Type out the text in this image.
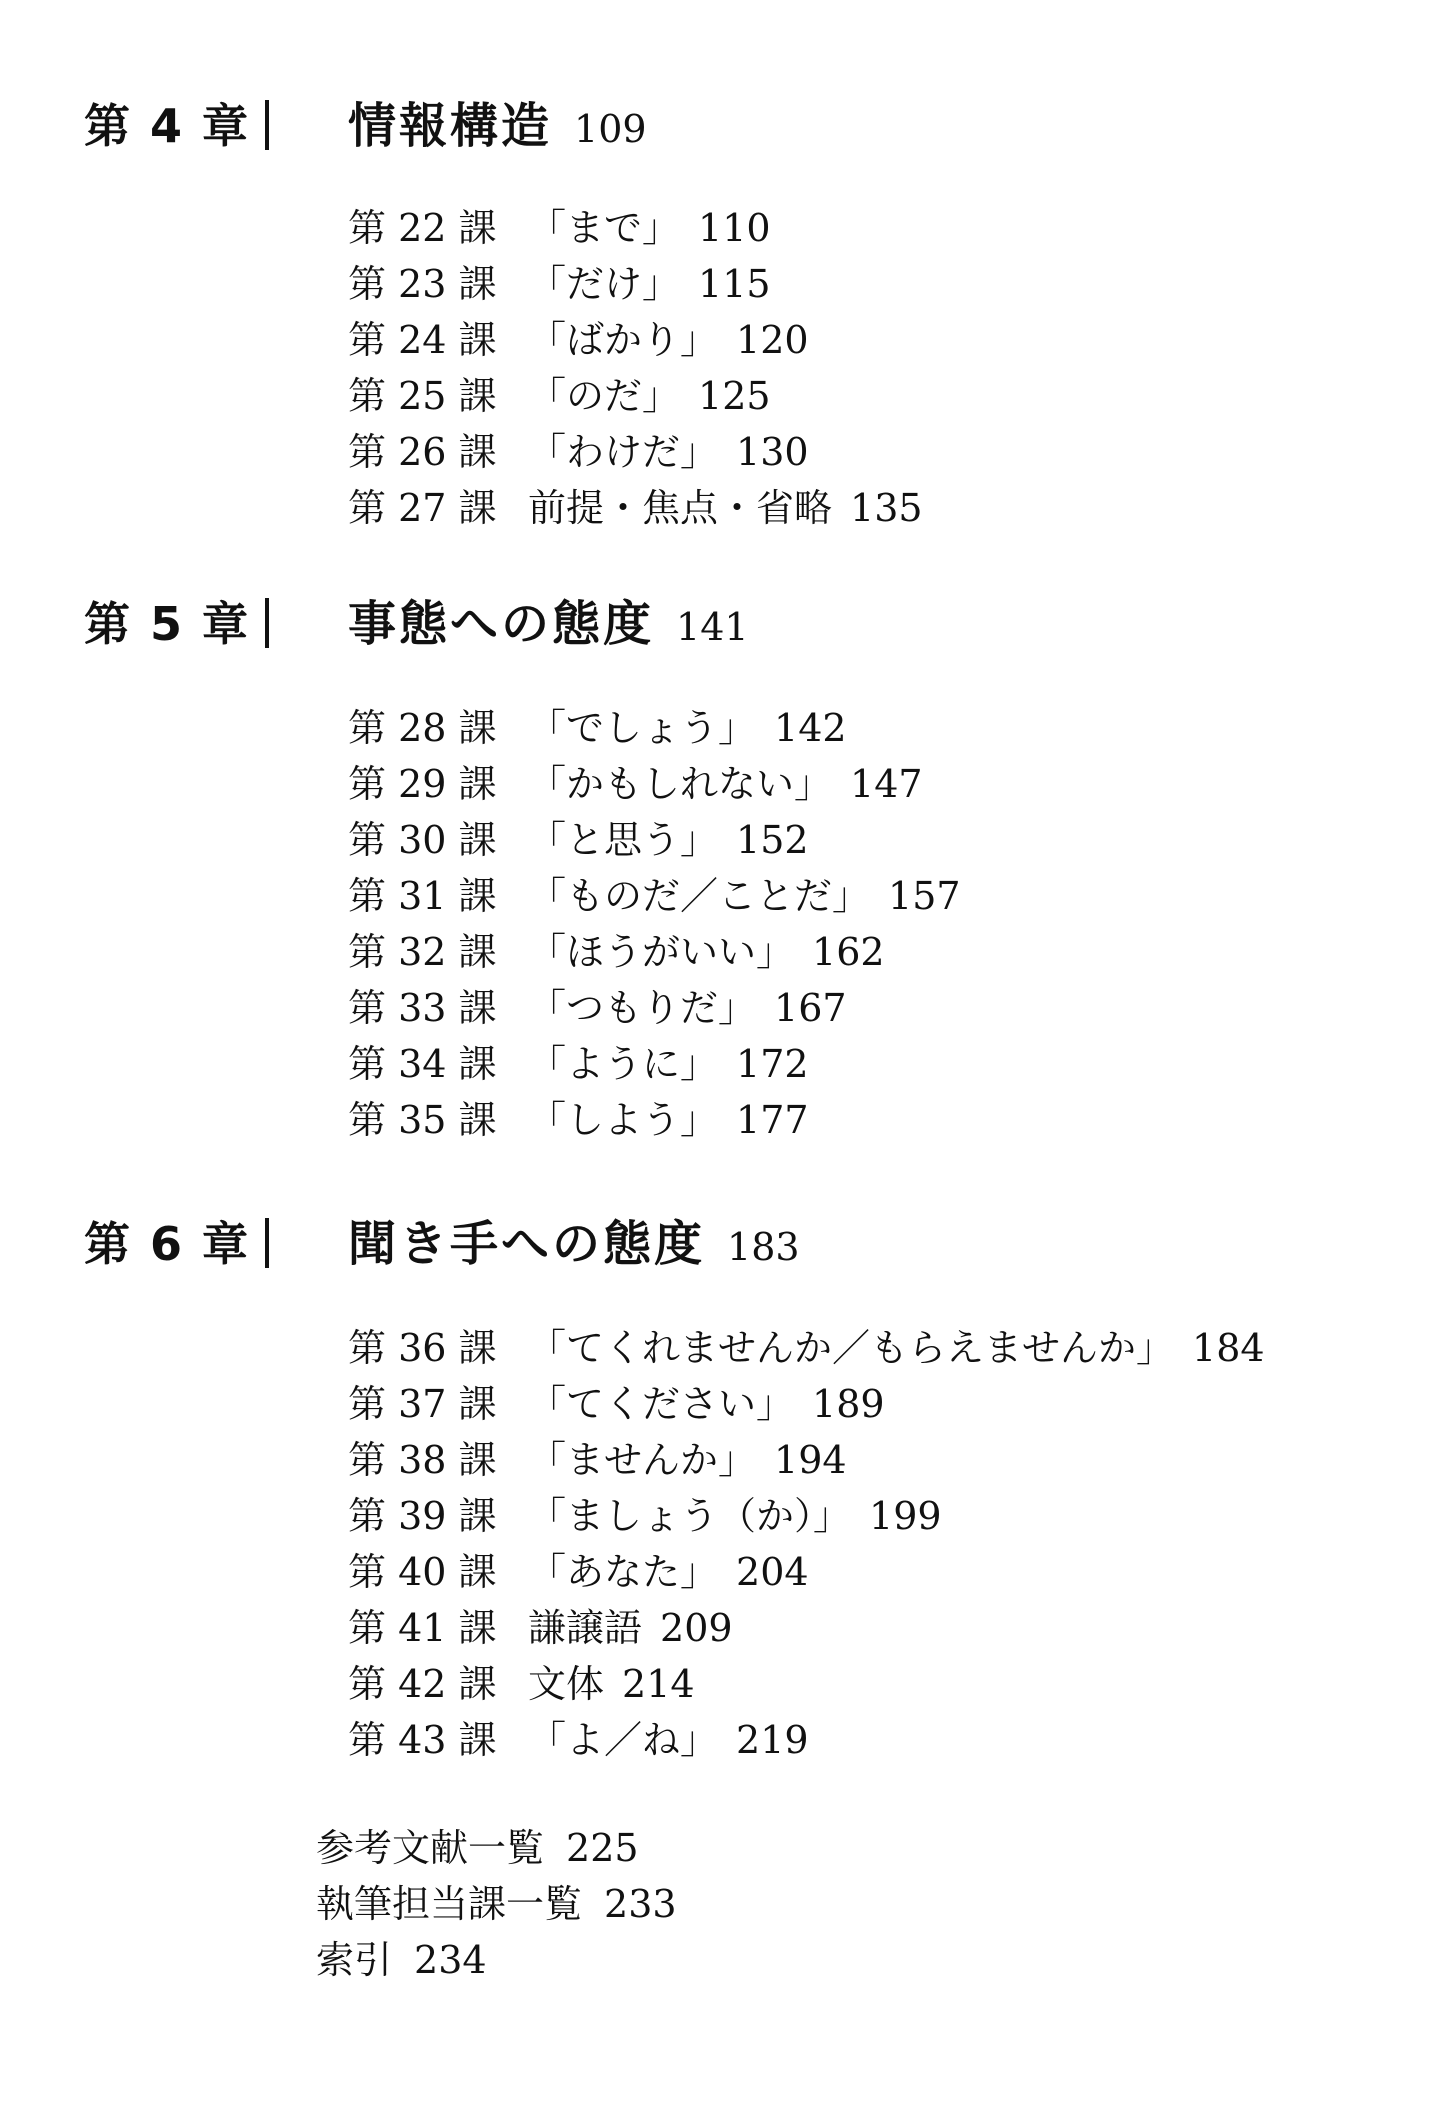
第 4 章 情報構造 109
第 22 課 「まで」 110
第 23 課 「だけ」 115
第 24 課 「ばかり」 120
第 25 課 「のだ」 125
第 26 課 「わけだ」 130
第 27 課 前提・焦点・省略 135
第 5 章 事態への態度 141
第 28 課 「でしょう」 142
第 29 課 「かもしれない」 147
第 30 課 「と思う」 152
第 31 課 「ものだ／ことだ」 157
第 32 課 「ほうがいい」 162
第 33 課 「つもりだ」 167
第 34 課 「ように」 172
第 35 課 「しよう」 177
第 6 章 聞き手への態度 183
第 36 課 「てくれませんか／もらえませんか」 184
第 37 課 「てください」 189
第 38 課 「ませんか」 194
第 39 課 「ましょう（か）」 199
第 40 課 「あなた」 204
第 41 課 謙譲語 209
第 42 課 文体 214
第 43 課 「よ／ね」 219
参考文献一覧 225
執筆担当課一覧 233
索引 234
